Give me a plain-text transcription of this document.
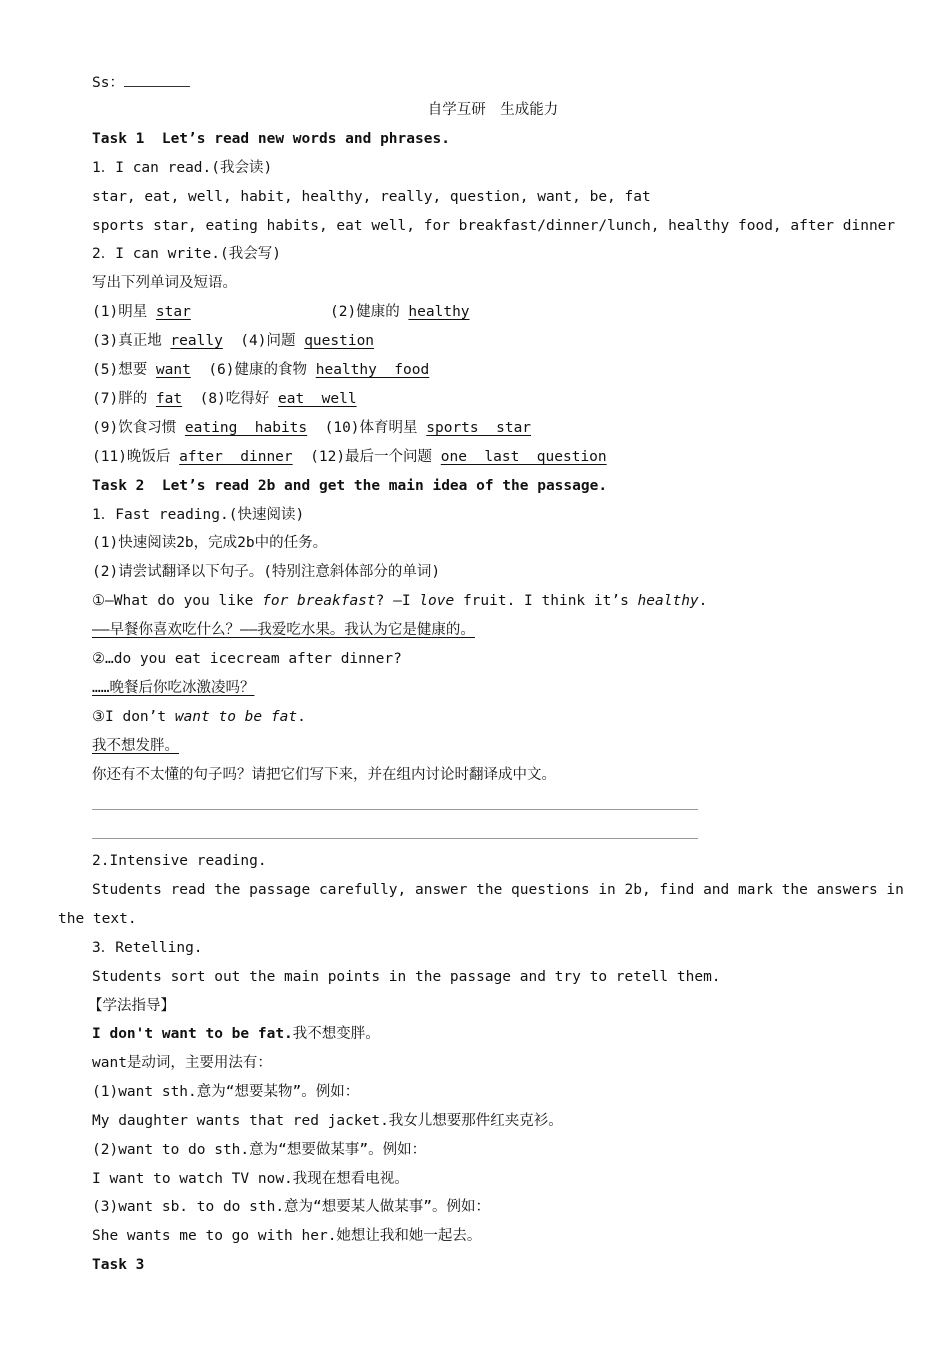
Ss：
自学互研　生成能力
Task 1  Let’s read new words and phrases.
1．I can read.(我会读)
star, eat, well, habit, healthy, really, question, want, be, fat
sports star, eating habits, eat well, for breakfast/dinner/lunch, healthy food, after dinner
2．I can write.(我会写)
写出下列单词及短语。
(1)明星 star	(2)健康的 healthy
(3)真正地 really (4)问题 question
(5)想要 want (6)健康的食物 healthy  food
(7)胖的 fat (8)吃得好 eat  well
(9)饮食习惯 eating  habits (10)体育明星 sports  star
(11)晚饭后 after  dinner (12)最后一个问题 one  last  question
Task 2  Let’s read 2b and get the main idea of the passage.
1．Fast reading.(快速阅读)
(1)快速阅读2b，完成2b中的任务。
(2)请尝试翻译以下句子。(特别注意斜体部分的单词)
①—What do you like for breakfast? —I love fruit. I think it’s healthy.
——早餐你喜欢吃什么？——我爱吃水果。我认为它是健康的。
②…do you eat icecream after dinner?
……晚餐后你吃冰激凌吗？
③I don’t want to be fat.
我不想发胖。
你还有不太懂的句子吗？请把它们写下来，并在组内讨论时翻译成中文。
2.Intensive reading.
Students read the passage carefully, answer the questions in 2b, find and mark the answers in
the text.
3．Retelling.
Students sort out the main points in the passage and try to retell them.
【学法指导】
I don't want to be fat.我不想变胖。
want是动词，主要用法有：
(1)want sth.意为“想要某物”。例如：
My daughter wants that red jacket.我女儿想要那件红夹克衫。
(2)want to do sth.意为“想要做某事”。例如：
I want to watch TV now.我现在想看电视。
(3)want sb. to do sth.意为“想要某人做某事”。例如：
She wants me to go with her.她想让我和她一起去。
Task 3
